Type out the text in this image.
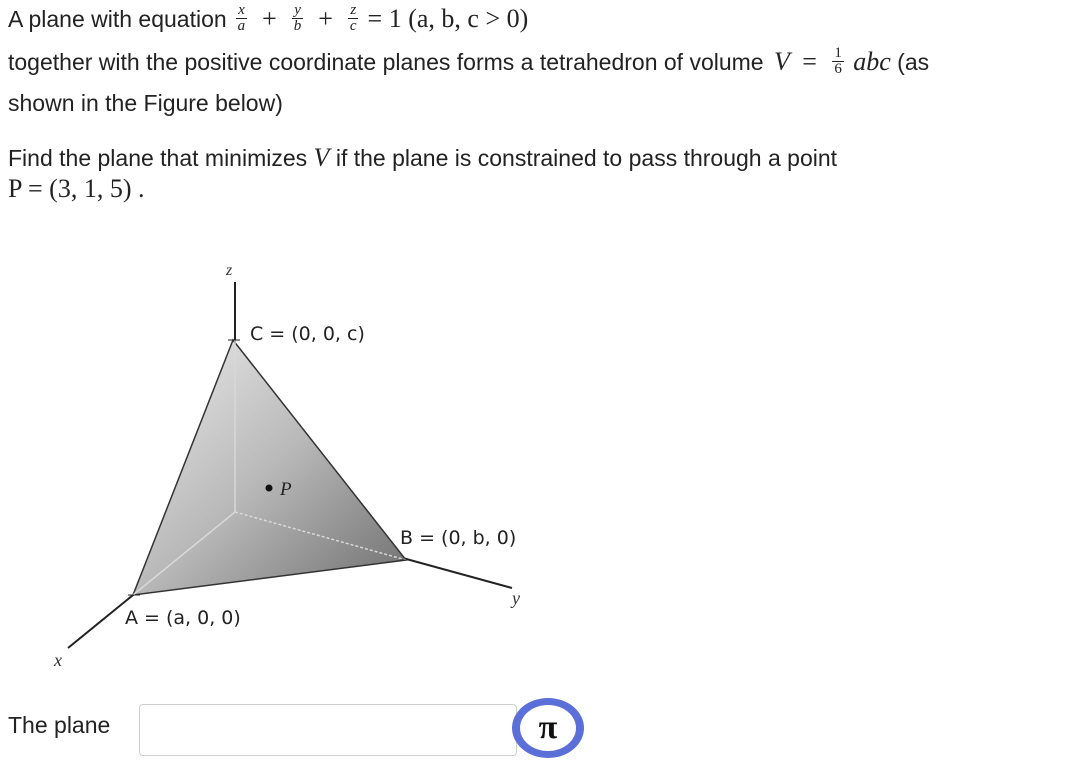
A plane with equation $\frac{x}{a} + \frac{y}{b} + \frac{z}{c} = 1$ (a, b, c > 0)
together with the positive coordinate planes forms a tetrahedron of volume $V = \frac{1}{6}$ abc (as
shown in the Figure below)
Find the plane that minimizes V if the plane is constrained to pass through a point
P = (3, 1, 5) .
z
y
x
C = (0, 0, c)
B = (0, b, 0)
A = (a, 0, 0)
P
The plane	π
